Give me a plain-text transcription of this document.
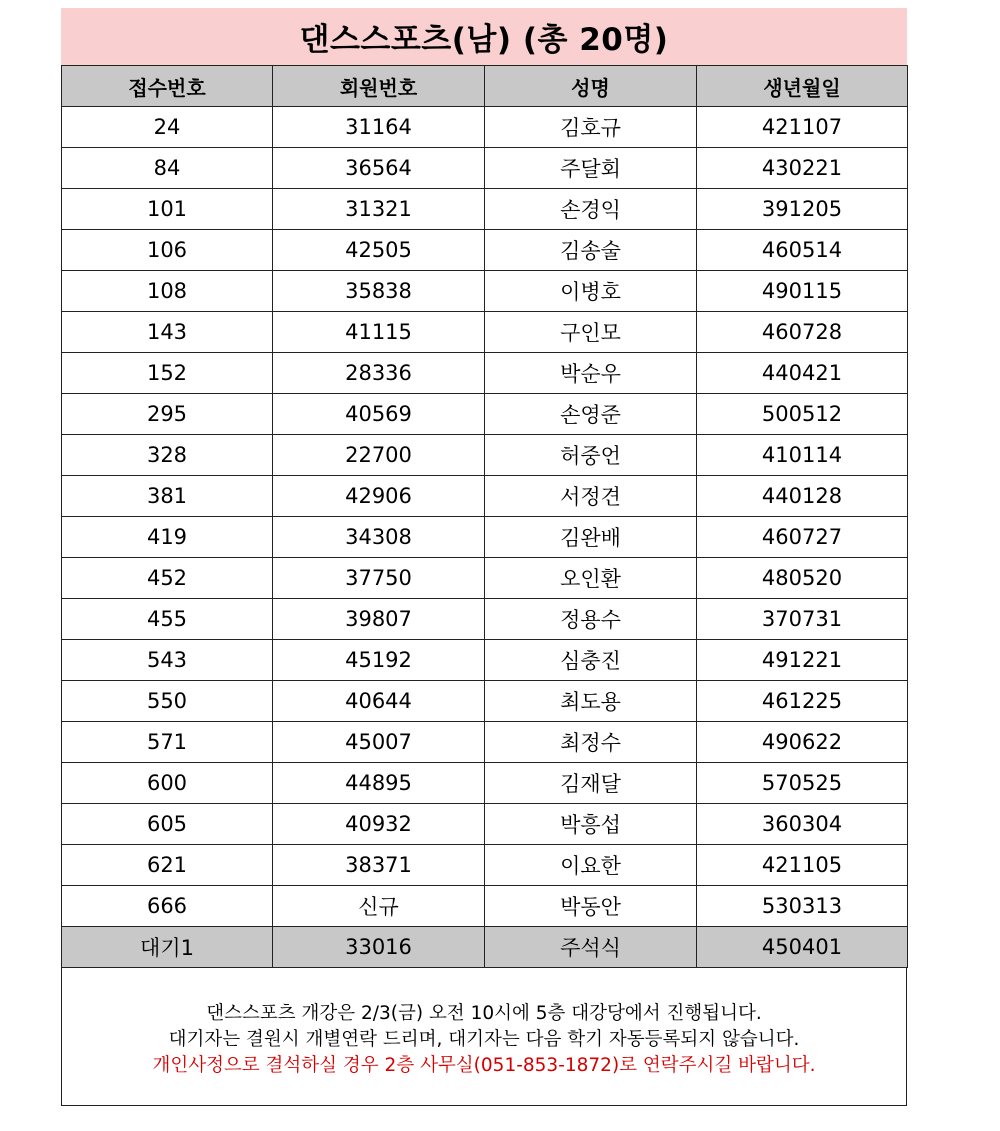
댄스스포츠(남) (총 20명)
접수번호	회원번호	성명	생년월일
24	31164	김호규	421107
84	36564	주달회	430221
101	31321	손경익	391205
106	42505	김송술	460514
108	35838	이병호	490115
143	41115	구인모	460728
152	28336	박순우	440421
295	40569	손영준	500512
328	22700	허중언	410114
381	42906	서정견	440128
419	34308	김완배	460727
452	37750	오인환	480520
455	39807	정용수	370731
543	45192	심충진	491221
550	40644	최도용	461225
571	45007	최정수	490622
600	44895	김재달	570525
605	40932	박흥섭	360304
621	38371	이요한	421105
666	신규	박동안	530313
대기1	33016	주석식	450401
댄스스포츠 개강은 2/3(금) 오전 10시에 5층 대강당에서 진행됩니다.
대기자는 결원시 개별연락 드리며, 대기자는 다음 학기 자동등록되지 않습니다.
개인사정으로 결석하실 경우 2층 사무실(051-853-1872)로 연락주시길 바랍니다.
